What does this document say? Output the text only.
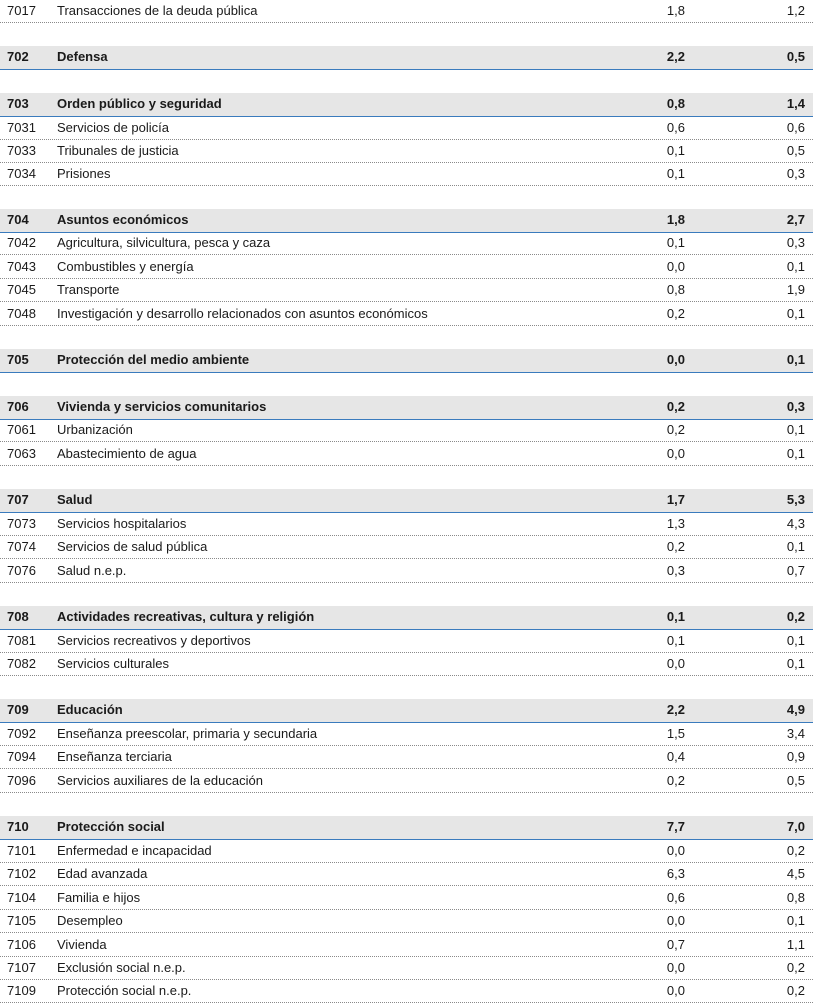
7017 Transacciones de la deuda pública	1,8	1,2
702 Defensa	2,2	0,5
703 Orden público y seguridad	0,8	1,4
7031 Servicios de policía	0,6	0,6
7033 Tribunales de justicia	0,1	0,5
7034 Prisiones	0,1	0,3
704 Asuntos económicos	1,8	2,7
7042 Agricultura, silvicultura, pesca y caza	0,1	0,3
7043 Combustibles y energía	0,0	0,1
7045 Transporte	0,8	1,9
7048 Investigación y desarrollo relacionados con asuntos económicos	0,2	0,1
705 Protección del medio ambiente	0,0	0,1
706 Vivienda y servicios comunitarios	0,2	0,3
7061 Urbanización	0,2	0,1
7063 Abastecimiento de agua	0,0	0,1
707 Salud	1,7	5,3
7073 Servicios hospitalarios	1,3	4,3
7074 Servicios de salud pública	0,2	0,1
7076 Salud n.e.p.	0,3	0,7
708 Actividades recreativas, cultura y religión	0,1	0,2
7081 Servicios recreativos y deportivos	0,1	0,1
7082 Servicios culturales	0,0	0,1
709 Educación	2,2	4,9
7092 Enseñanza preescolar, primaria y secundaria	1,5	3,4
7094 Enseñanza terciaria	0,4	0,9
7096 Servicios auxiliares de la educación	0,2	0,5
710 Protección social	7,7	7,0
7101 Enfermedad e incapacidad	0,0	0,2
7102 Edad avanzada	6,3	4,5
7104 Familia e hijos	0,6	0,8
7105 Desempleo	0,0	0,1
7106 Vivienda	0,7	1,1
7107 Exclusión social n.e.p.	0,0	0,2
7109 Protección social n.e.p.	0,0	0,2
